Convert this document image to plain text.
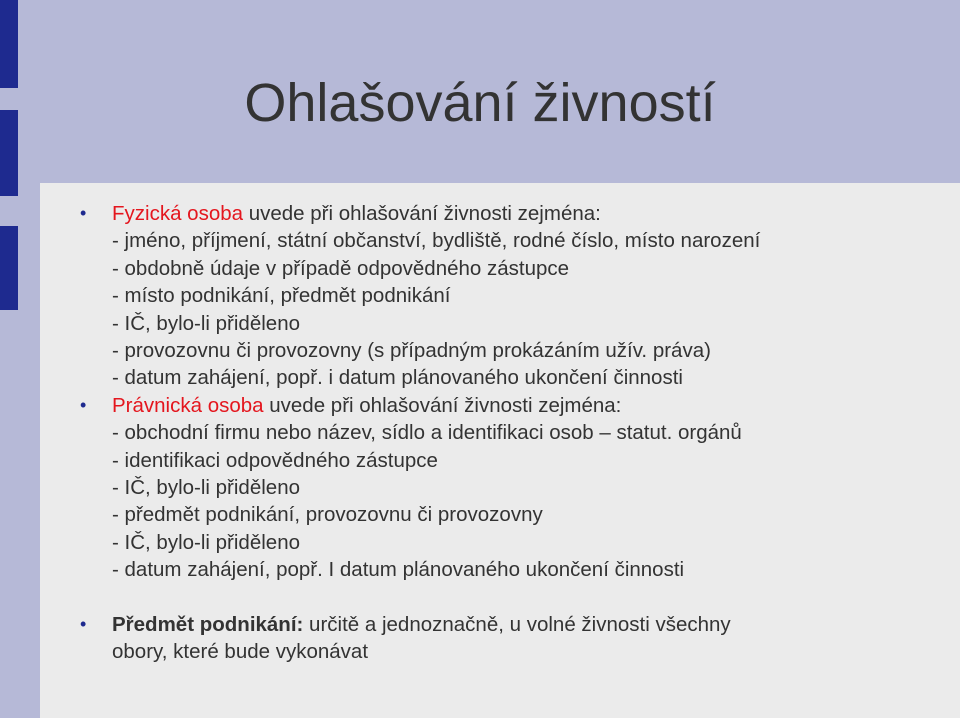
Ohlašování živností
• Fyzická osoba uvede při ohlašování živnosti zejména:
- jméno, příjmení, státní občanství, bydliště, rodné číslo, místo narození
- obdobně údaje v případě odpovědného zástupce
- místo podnikání, předmět podnikání
- IČ, bylo-li přiděleno
- provozovnu či provozovny (s případným prokázáním užív. práva)
- datum zahájení, popř. i datum plánovaného ukončení činnosti
• Právnická osoba uvede při ohlašování živnosti zejména:
- obchodní firmu nebo název, sídlo a identifikaci osob – statut. orgánů
- identifikaci odpovědného zástupce
- IČ, bylo-li přiděleno
- předmět podnikání, provozovnu či provozovny
- IČ, bylo-li přiděleno
- datum zahájení, popř. I datum plánovaného ukončení činnosti
• Předmět podnikání: určitě a jednoznačně, u volné živnosti všechny
obory, které bude vykonávat
